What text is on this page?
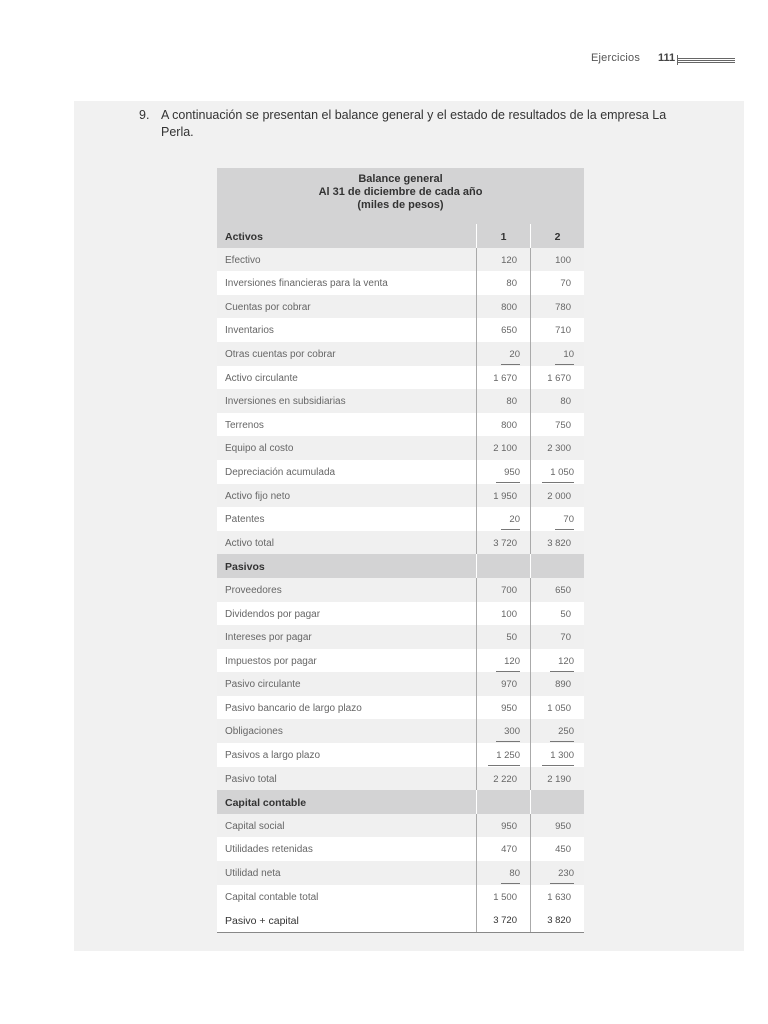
Ejercicios 111
9. A continuación se presentan el balance general y el estado de resultados de la empresa La Perla.
Balance general
Al 31 de diciembre de cada año
(miles de pesos)
Activos	1	2
Efectivo	120	100
Inversiones financieras para la venta	80	70
Cuentas por cobrar	800	780
Inventarios	650	710
Otras cuentas por cobrar	20	10
Activo circulante	1 670	1 670
Inversiones en subsidiarias	80	80
Terrenos	800	750
Equipo al costo	2 100	2 300
Depreciación acumulada	950	1 050
Activo fijo neto	1 950	2 000
Patentes	20	70
Activo total	3 720	3 820
Pasivos
Proveedores	700	650
Dividendos por pagar	100	50
Intereses por pagar	50	70
Impuestos por pagar	120	120
Pasivo circulante	970	890
Pasivo bancario de largo plazo	950	1 050
Obligaciones	300	250
Pasivos a largo plazo	1 250	1 300
Pasivo total	2 220	2 190
Capital contable
Capital social	950	950
Utilidades retenidas	470	450
Utilidad neta	80	230
Capital contable total	1 500	1 630
Pasivo + capital	3 720	3 820
